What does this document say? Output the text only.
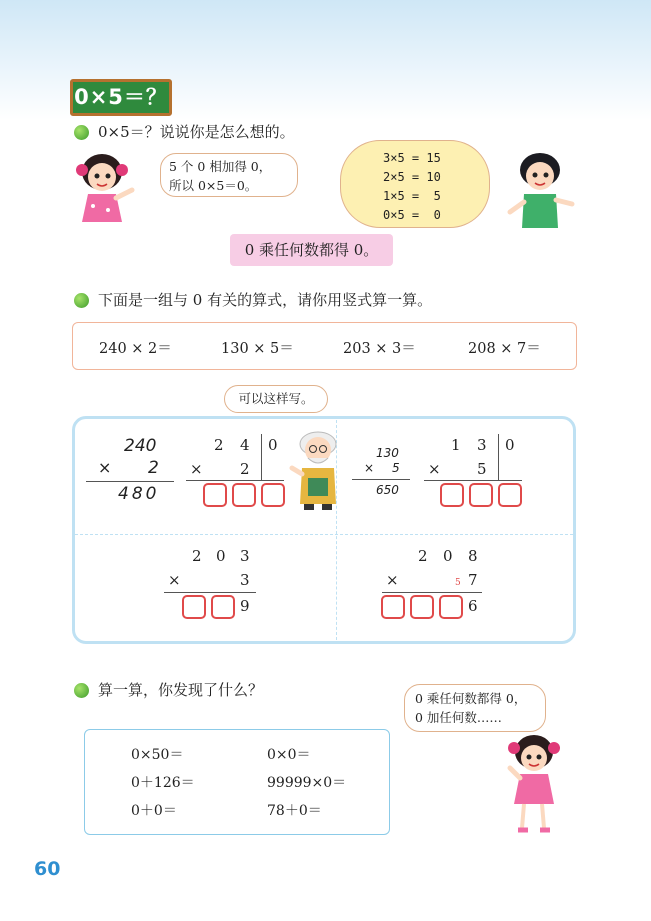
0×5＝？
0×5＝？说说你是怎么想的。
5 个 0 相加得 0，
所以 0×5＝0。
3×5 = 15
2×5 = 10
1×5 =  5
0×5 =  0
0 乘任何数都得 0。
下面是一组与 0 有关的算式，请你用竖式算一算。
240 × 2＝	130 × 5＝	203 × 3＝	208 × 7＝
可以这样写。
240
× 2
480
2 4 0
× 2

130
× 5
650
1 3 0
× 5

2 0 3
×	3

9
2 0 8
×	5 7

6
算一算，你发现了什么？	0 乘任何数都得 0，
0 加任何数……
0×50＝	0×0＝
0＋126＝	99999×0＝
0＋0＝	78＋0＝
60
